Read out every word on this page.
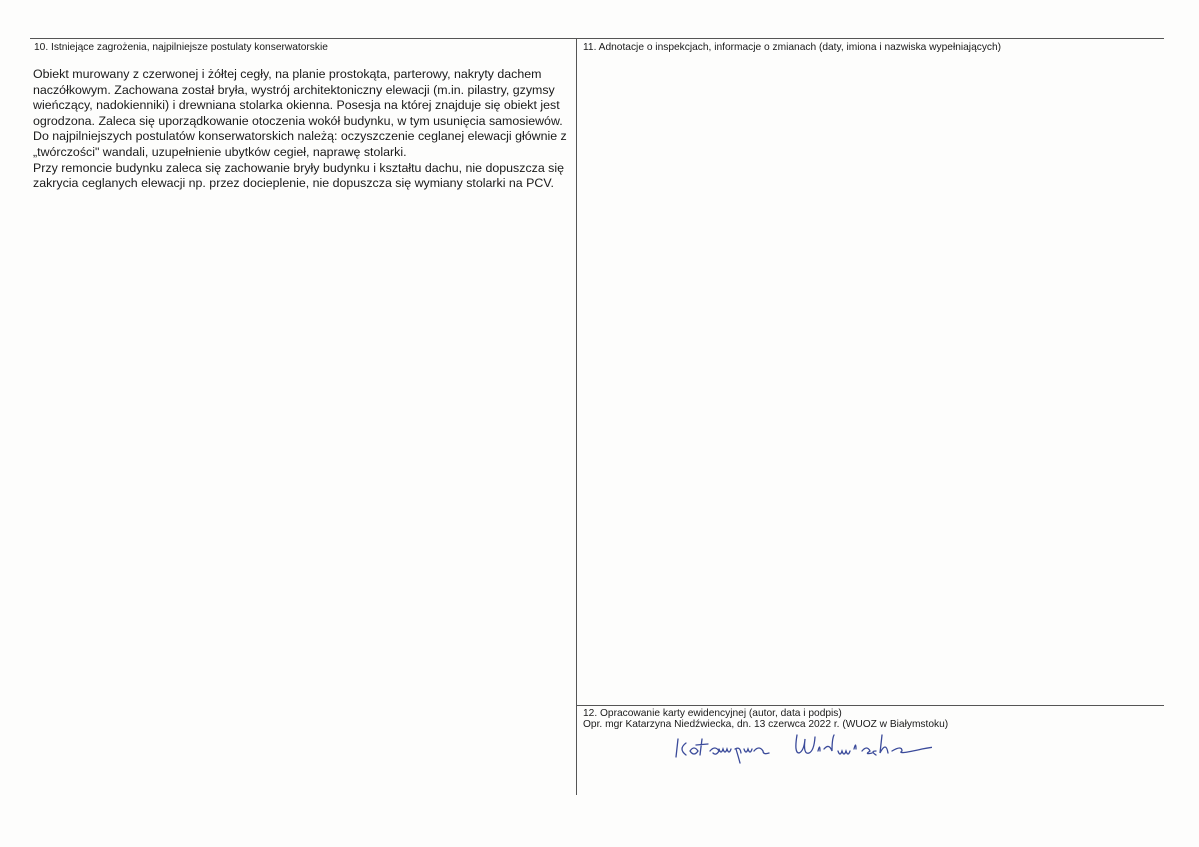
10. Istniejące zagrożenia, najpilniejsze postulaty konserwatorskie

Obiekt murowany z czerwonej i żółtej cegły, na planie prostokąta, parterowy, nakryty dachem naczółkowym. Zachowana został bryła, wystrój architektoniczny elewacji (m.in. pilastry, gzymsy wieńczący, nadokienniki) i drewniana stolarka okienna. Posesja na której znajduje się obiekt jest ogrodzona. Zaleca się uporządkowanie otoczenia wokół budynku, w tym usunięcia samosiewów. Do najpilniejszych postulatów konserwatorskich należą: oczyszczenie ceglanej elewacji głównie z „twórczości" wandali, uzupełnienie ubytków cegieł, naprawę stolarki.

Przy remoncie budynku zaleca się zachowanie bryły budynku i kształtu dachu, nie dopuszcza się zakrycia ceglanych elewacji np. przez docieplenie, nie dopuszcza się wymiany stolarki na PCV.

11. Adnotacje o inspekcjach, informacje o zmianach (daty, imiona i nazwiska wypełniających)
12. Opracowanie karty ewidencyjnej (autor, data i podpis)
Opr. mgr Katarzyna Niedźwiecka, dn. 13 czerwca 2022 r. (WUOZ w Białymstoku)
